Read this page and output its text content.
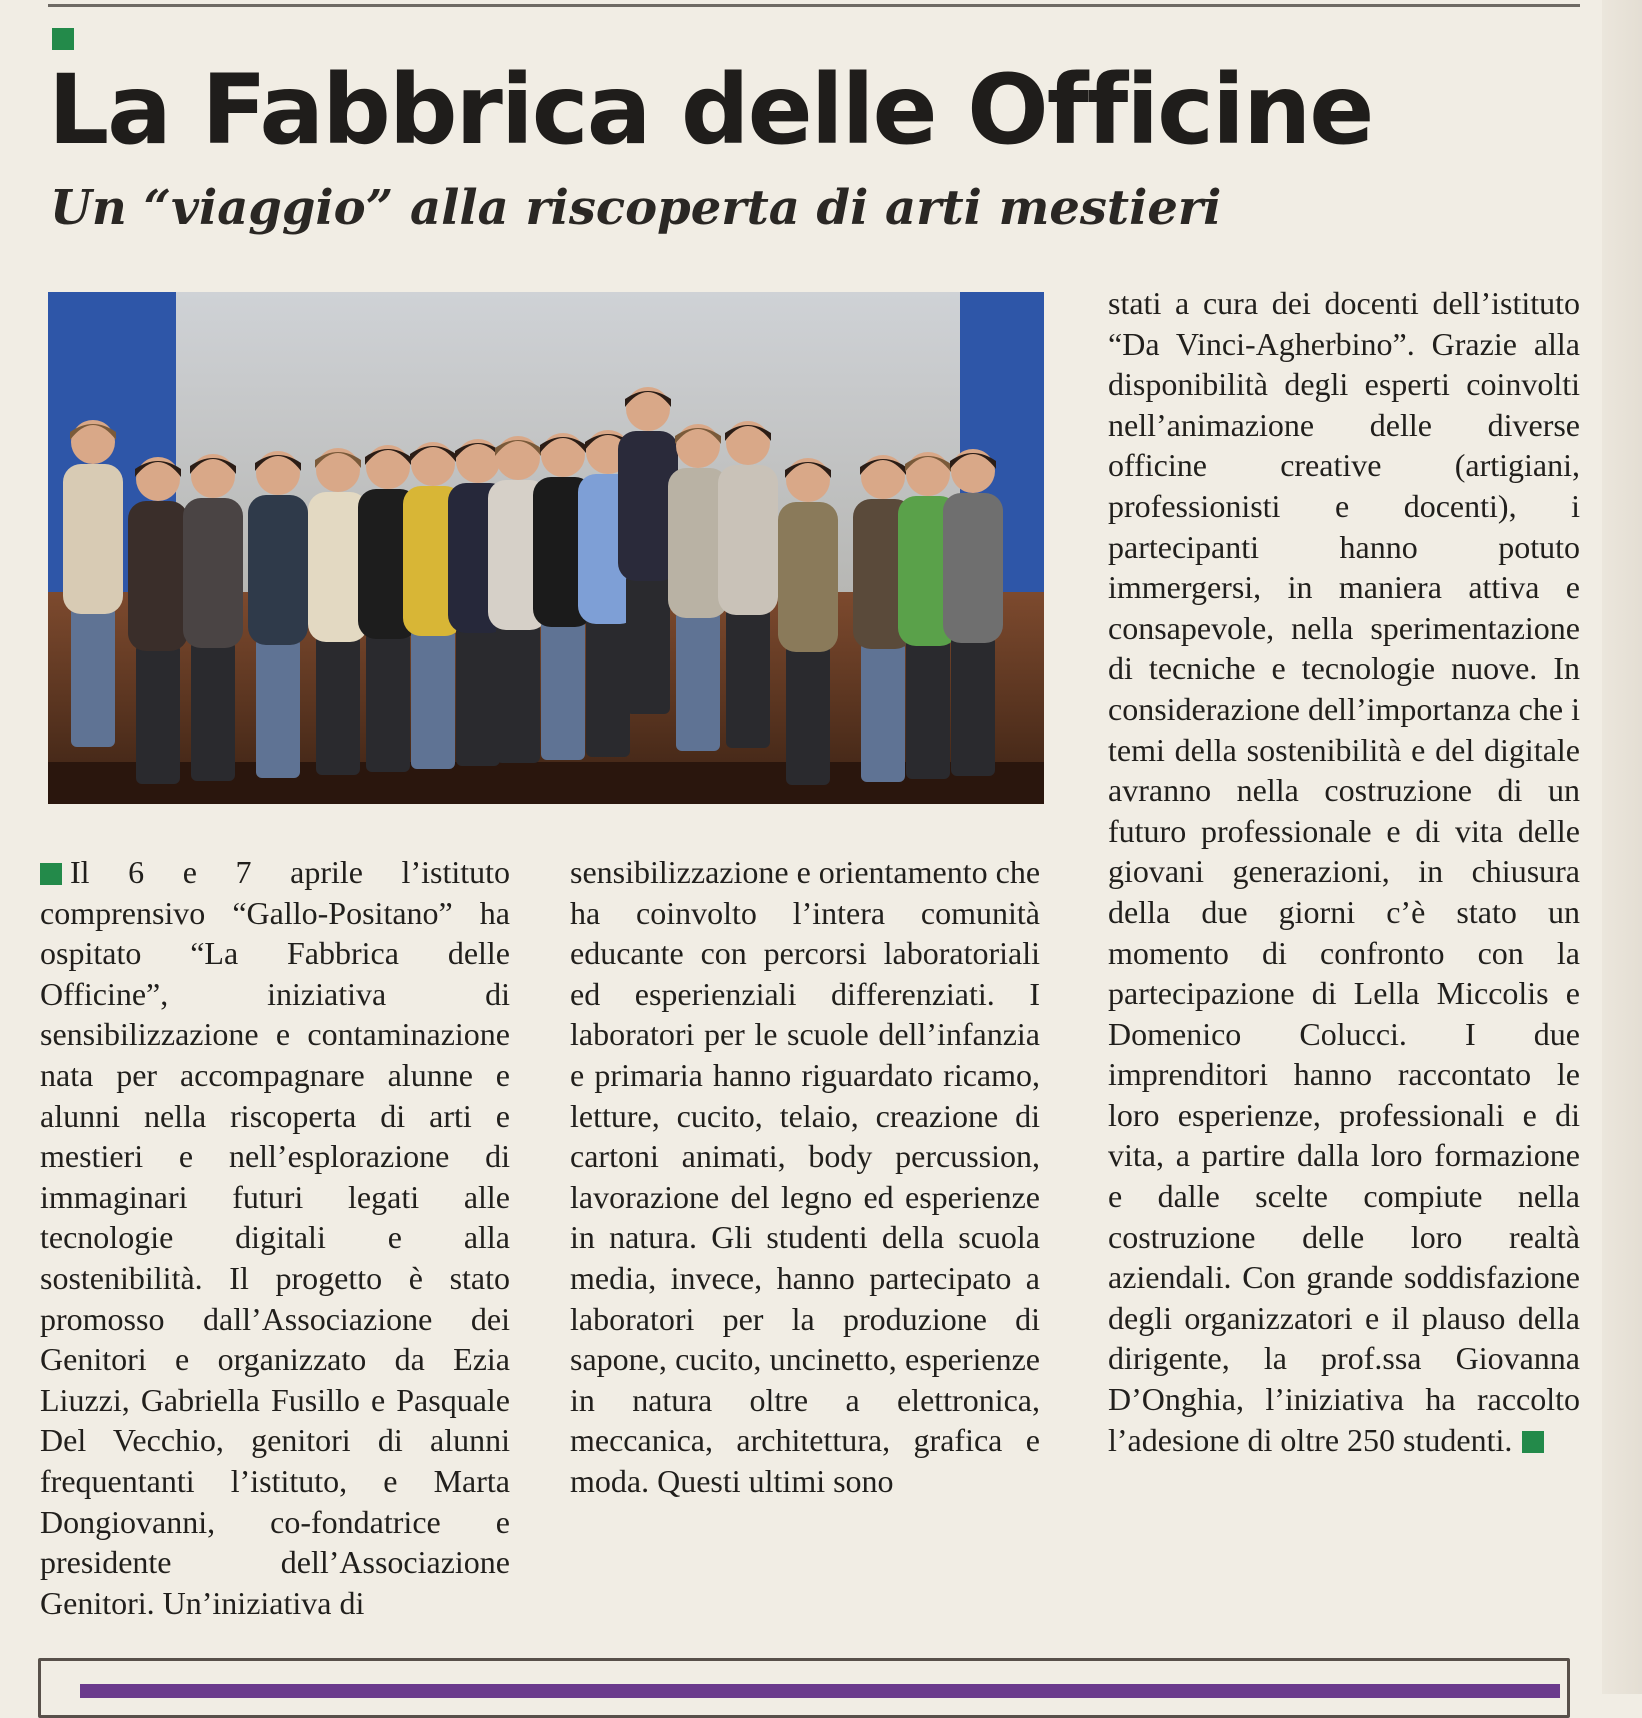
La Fabbrica delle Officine
Un “viaggio” alla riscoperta di arti mestieri

Il 6 e 7 aprile l’istituto comprensivo “Gallo-Positano” ha ospitato “La Fabbrica delle Officine”, iniziativa di sensibilizzazione e contaminazione nata per accompagnare alunne e alunni nella riscoperta di arti e mestieri e nell’esplorazione di immaginari futuri legati alle tecnologie digitali e alla sostenibilità. Il progetto è stato promosso dall’Associazione dei Genitori e organizzato da Ezia Liuzzi, Gabriella Fusillo e Pasquale Del Vecchio, genitori di alunni frequentanti l’istituto, e Marta Dongiovanni, co-fondatrice e presidente dell’Associazione Genitori. Un’iniziativa di

sensibilizzazione e orientamento che ha coinvolto l’intera comunità educante con percorsi laboratoriali ed esperienziali differenziati. I laboratori per le scuole dell’infanzia e primaria hanno riguardato ricamo, letture, cucito, telaio, creazione di cartoni animati, body percussion, lavorazione del legno ed esperienze in natura. Gli studenti della scuola media, invece, hanno partecipato a laboratori per la produzione di sapone, cucito, uncinetto, esperienze in natura oltre a elettronica, meccanica, architettura, grafica e moda. Questi ultimi sono

stati a cura dei docenti dell’istituto “Da Vinci-Agherbino”. Grazie alla disponibilità degli esperti coinvolti nell’animazione delle diverse officine creative (artigiani, professionisti e docenti), i partecipanti hanno potuto immergersi, in maniera attiva e consapevole, nella sperimentazione di tecniche e tecnologie nuove. In considerazione dell’importanza che i temi della sostenibilità e del digitale avranno nella costruzione di un futuro professionale e di vita delle giovani generazioni, in chiusura della due giorni c’è stato un momento di confronto con la partecipazione di Lella Miccolis e Domenico Colucci. I due imprenditori hanno raccontato le loro esperienze, professionali e di vita, a partire dalla loro formazione e dalle scelte compiute nella costruzione delle loro realtà aziendali. Con grande soddisfazione degli organizzatori e il plauso della dirigente, la prof.ssa Giovanna D’Onghia, l’iniziativa ha raccolto l’adesione di oltre 250 studenti.
